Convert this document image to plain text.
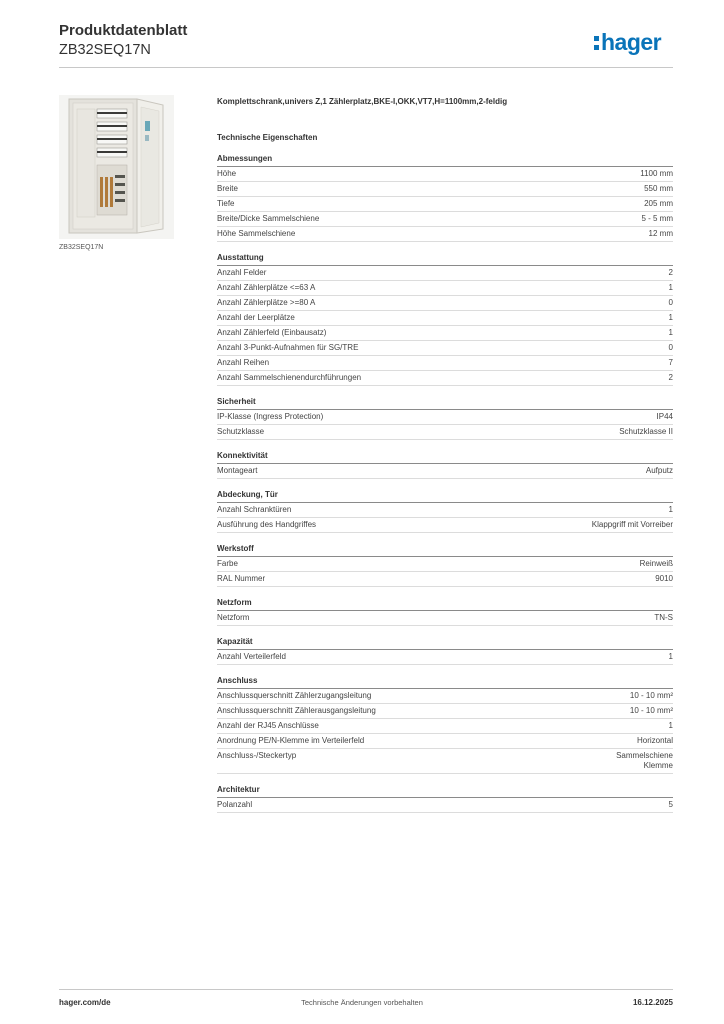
Produktdatenblatt
ZB32SEQ17N	hager
ZB32SEQ17N
Komplettschrank,univers Z,1 Zählerplatz,BKE-I,OKK,VT7,H=1100mm,2-feldig
Technische Eigenschaften
Abmessungen
Höhe	1100 mm
Breite	550 mm
Tiefe	205 mm
Breite/Dicke Sammelschiene	5 - 5 mm
Höhe Sammelschiene	12 mm
Ausstattung
Anzahl Felder	2
Anzahl Zählerplätze <=63 A	1
Anzahl Zählerplätze >=80 A	0
Anzahl der Leerplätze	1
Anzahl Zählerfeld (Einbausatz)	1
Anzahl 3-Punkt-Aufnahmen für SG/TRE	0
Anzahl Reihen	7
Anzahl Sammelschienendurchführungen	2
Sicherheit
IP-Klasse (Ingress Protection)	IP44
Schutzklasse	Schutzklasse II
Konnektivität
Montageart	Aufputz
Abdeckung, Tür
Anzahl Schranktüren	1
Ausführung des Handgriffes	Klappgriff mit Vorreiber
Werkstoff
Farbe	Reinweiß
RAL Nummer	9010
Netzform
Netzform	TN-S
Kapazität
Anzahl Verteilerfeld	1
Anschluss
Anschlussquerschnitt Zählerzugangsleitung	10 - 10 mm²
Anschlussquerschnitt Zählerausgangsleitung	10 - 10 mm²
Anzahl der RJ45 Anschlüsse	1
Anordnung PE/N-Klemme im Verteilerfeld	Horizontal
Anschluss-/Steckertyp	Sammelschiene
Klemme
Architektur
Polanzahl	5
hager.com/de	Technische Änderungen vorbehalten	16.12.2025
